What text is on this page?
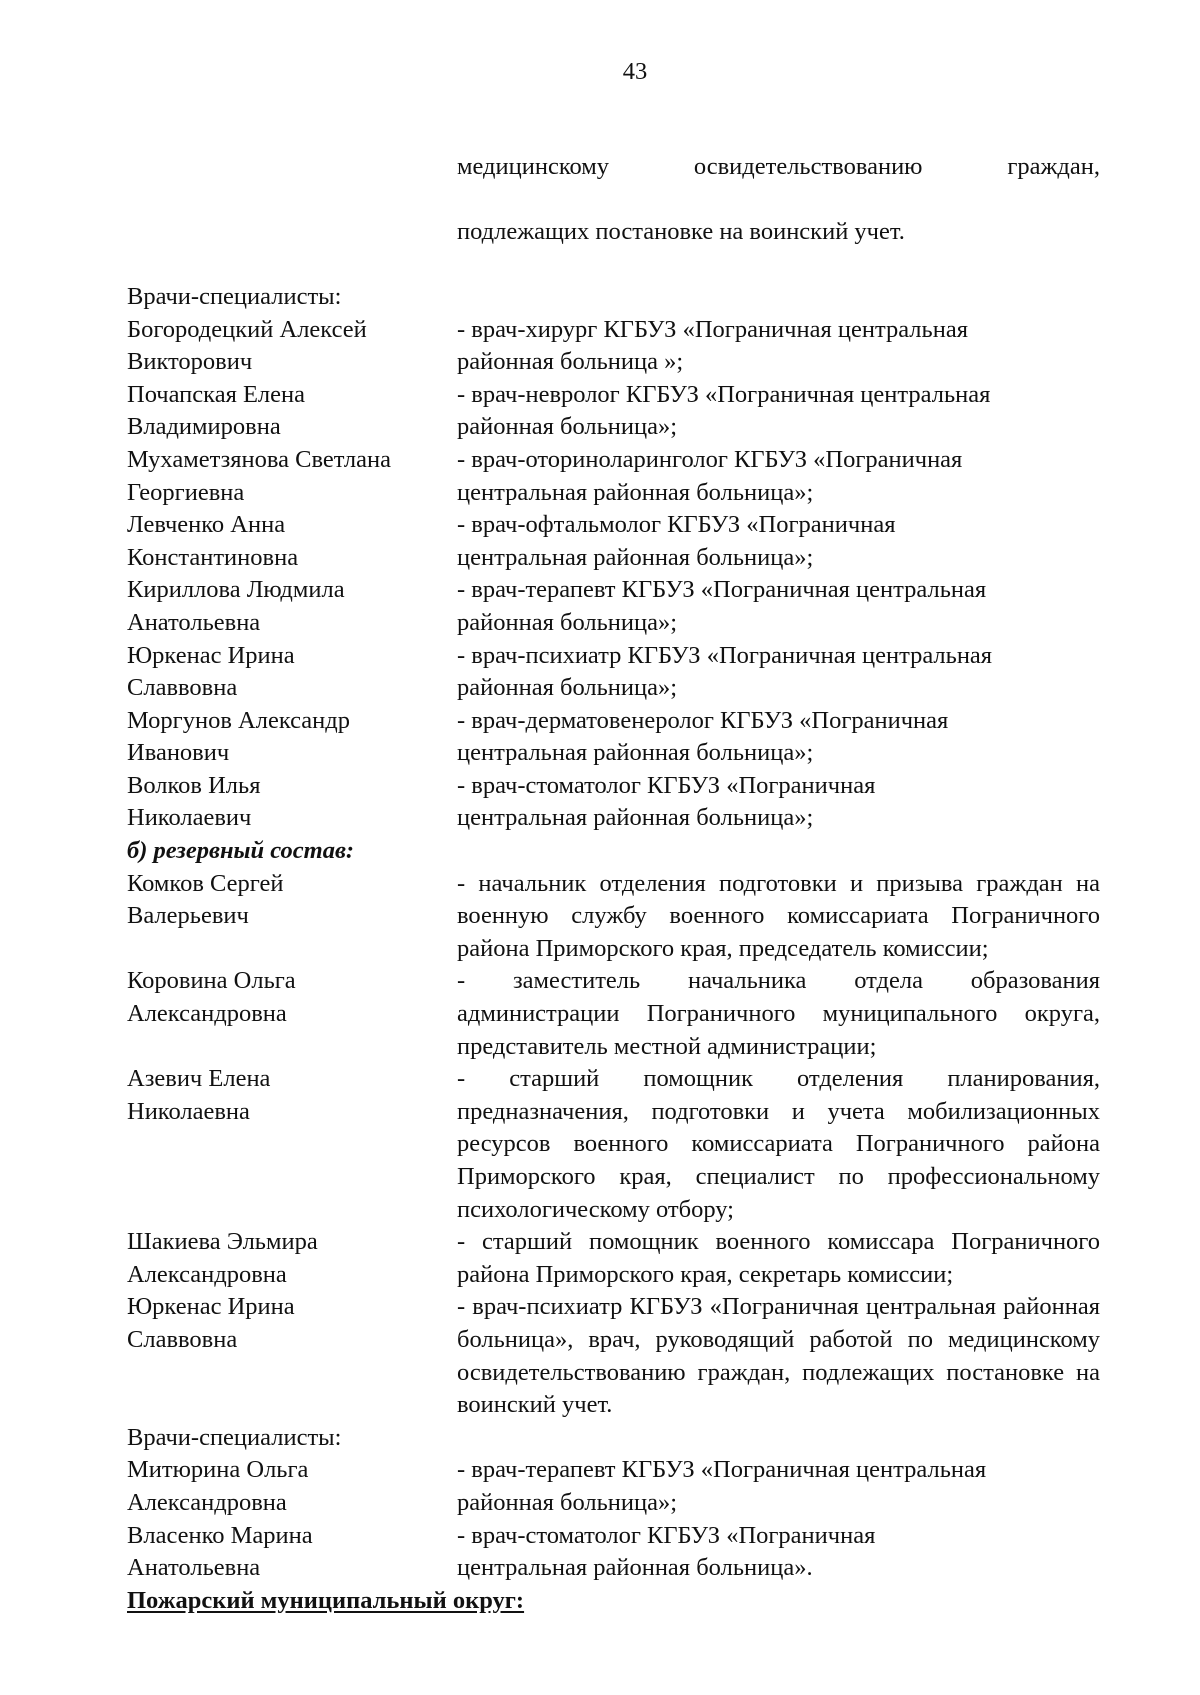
43

медицинскому освидетельствованию граждан,

подлежащих постановке на воинский учет.

Врачи-специалисты:
Богородецкий Алексей
Викторович
- врач-хирург КГБУЗ «Пограничная центральная
районная больница »;
Почапская Елена
Владимировна
- врач-невролог КГБУЗ «Пограничная центральная
районная больница»;
Мухаметзянова Светлана
Георгиевна
- врач-оториноларинголог КГБУЗ «Пограничная
центральная районная больница»;
Левченко Анна
Константиновна
- врач-офтальмолог КГБУЗ «Пограничная
центральная районная больница»;
Кириллова Людмила
Анатольевна
- врач-терапевт КГБУЗ «Пограничная центральная
районная больница»;
Юркенас Ирина
Славвовна
- врач-психиатр КГБУЗ «Пограничная центральная
районная больница»;
Моргунов Александр
Иванович
- врач-дерматовенеролог КГБУЗ «Пограничная
центральная районная больница»;
Волков Илья
Николаевич
- врач-стоматолог КГБУЗ «Пограничная
центральная районная больница»;
б) резервный состав:
Комков Сергей
Валерьевич
- начальник отделения подготовки и призыва граждан на военную службу военного комиссариата Пограничного района Приморского края, председатель комиссии;
Коровина Ольга
Александровна
- заместитель начальника отдела образования администрации Пограничного муниципального округа, представитель местной администрации;
Азевич Елена
Николаевна
- старший помощник отделения планирования, предназначения, подготовки и учета мобилизационных ресурсов военного комиссариата Пограничного района Приморского края, специалист по профессиональному психологическому отбору;
Шакиева Эльмира
Александровна
- старший помощник военного комиссара Пограничного района Приморского края, секретарь комиссии;
Юркенас Ирина
Славвовна
- врач-психиатр КГБУЗ «Пограничная центральная районная больница», врач, руководящий работой по медицинскому освидетельствованию граждан, подлежащих постановке на воинский учет.
Врачи-специалисты:
Митюрина Ольга
Александровна
- врач-терапевт КГБУЗ «Пограничная центральная
районная больница»;
Власенко Марина
Анатольевна
- врач-стоматолог КГБУЗ «Пограничная
центральная районная больница».
Пожарский муниципальный округ:
